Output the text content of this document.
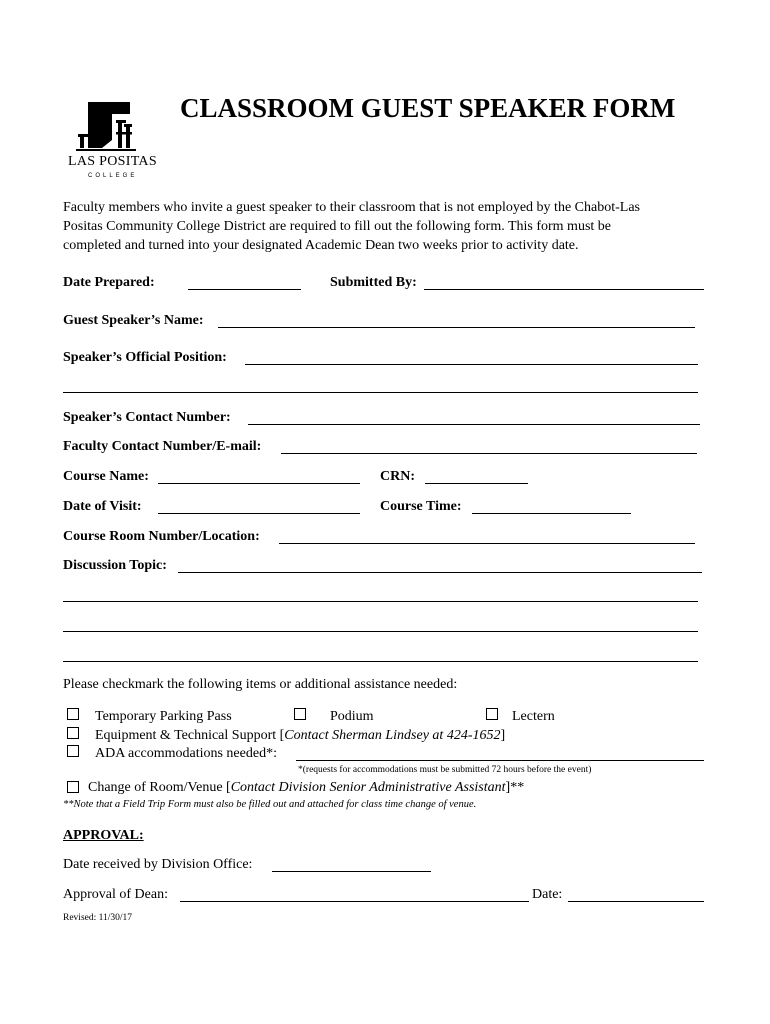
LAS POSITAS
COLLEGE
CLASSROOM GUEST SPEAKER FORM
Faculty members who invite a guest speaker to their classroom that is not employed by the Chabot-Las
Positas Community College District are required to fill out the following form. This form must be
completed and turned into your designated Academic Dean two weeks prior to activity date.
Date Prepared:	Submitted By:
Guest Speaker’s Name:
Speaker’s Official Position:
Speaker’s Contact Number:
Faculty Contact Number/E-mail:
Course Name:	CRN:
Date of Visit:	Course Time:
Course Room Number/Location:
Discussion Topic:
Please checkmark the following items or additional assistance needed:
Temporary Parking Pass	Podium	Lectern
Equipment & Technical Support [Contact Sherman Lindsey at 424-1652]
ADA accommodations needed*:
*(requests for accommodations must be submitted 72 hours before the event)
Change of Room/Venue [Contact Division Senior Administrative Assistant]**
**Note that a Field Trip Form must also be filled out and attached for class time change of venue.
APPROVAL:
Date received by Division Office:
Approval of Dean:	Date:
Revised: 11/30/17
